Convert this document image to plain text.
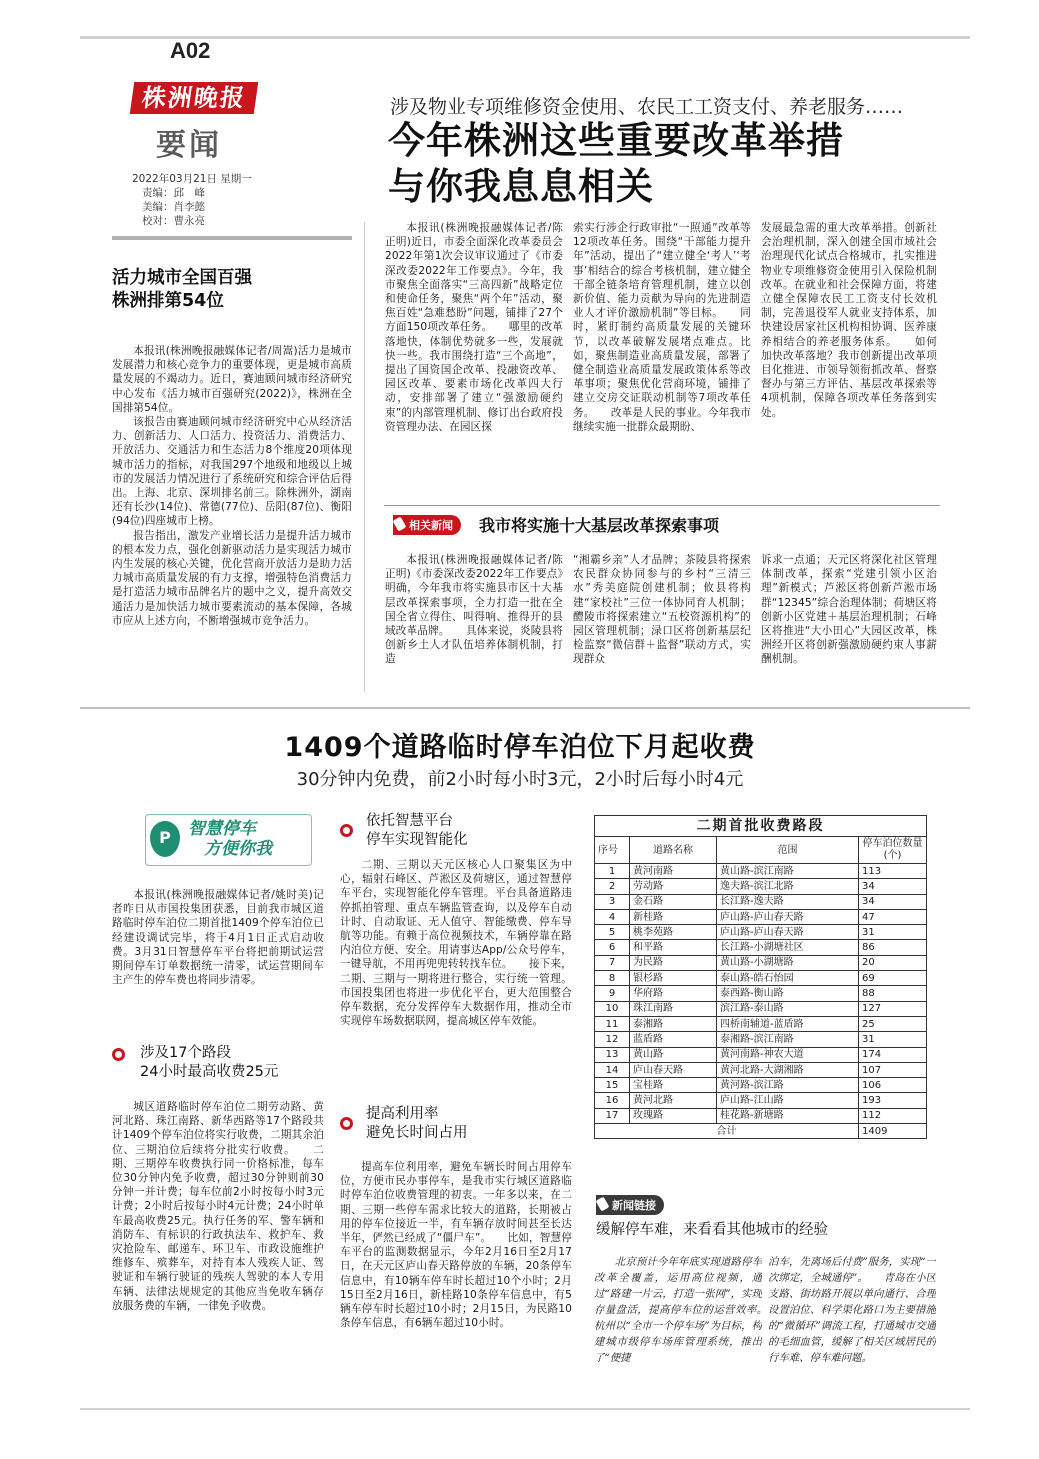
A02
株洲晚报
要闻
2022年03月21日 星期一
责编：邱　峰
美编：肖李懿
校对：曹永亮
涉及物业专项维修资金使用、农民工工资支付、养老服务……
今年株洲这些重要改革举措
与你我息息相关

本报讯(株洲晚报融媒体记者/陈正明)近日，市委全面深化改革委员会2022年第1次会议审议通过了《市委深改委2022年工作要点》。今年，我市聚焦全面落实“三高四新”战略定位和使命任务，聚焦“两个年”活动，聚焦百姓“急难愁盼”问题，铺排了27个方面150项改革任务。　　哪里的改革落地快，体制优势就多一些，发展就快一些。我市围绕打造“三个高地”，提出了国资国企改革、投融资改革、园区改革、要素市场化改革四大行动，安排部署了建立“强激励硬约束”的内部管理机制、修订出台政府投资管理办法、在园区探

索实行涉企行政审批“一照通”改革等12项改革任务。围绕“干部能力提升年”活动，提出了“建立健全‘考人’‘考事’相结合的综合考核机制，建立健全干部全链条培育管理机制，建立以创新价值、能力贡献为导向的先进制造业人才评价激励机制”等目标。　　同时，紧盯制约高质量发展的关键环节，以改革破解发展堵点难点。比如，聚焦制造业高质量发展，部署了健全制造业高质量发展政策体系等改革事项；聚焦优化营商环境，铺排了建立交房交证联动机制等7项改革任务。　　改革是人民的事业。今年我市继续实施一批群众最期盼、

发展最急需的重大改革举措。创新社会治理机制，深入创建全国市域社会治理现代化试点合格城市，扎实推进物业专项维修资金使用引入保险机制改革。在就业和社会保障方面，将建立健全保障农民工工资支付长效机制，完善退役军人就业支持体系，加快建设居家社区机构相协调、医养康养相结合的养老服务体系。　　如何加快改革落地？我市创新提出改革项目化推进、市领导领衔抓改革、督察督办与第三方评估、基层改革探索等4项机制，保障各项改革任务落到实处。

相关新闻	我市将实施十大基层改革探索事项

本报讯(株洲晚报融媒体记者/陈正明)《市委深改委2022年工作要点》明确，今年我市将实施县市区十大基层改革探索事项，全力打造一批在全国全省立得住、叫得响、推得开的县域改革品牌。　　具体来说，炎陵县将创新乡土人才队伍培养体制机制，打造

“湘霸乡亲”人才品牌；茶陵县将探索农民群众协同参与的乡村“三清三水”秀美庭院创建机制；攸县将构建“家校社”三位一体协同育人机制；醴陵市将探索建立“五校资源机构”的园区管理机制；渌口区将创新基层纪检监察“微信群＋监督”联动方式，实现群众

诉求一点通；天元区将深化社区管理体制改革，探索“党建引领小区治理”新模式；芦淞区将创新芦淞市场群“12345”综合治理体制；荷塘区将创新小区党建＋基层治理机制；石峰区将推进“大小田心”大园区改革，株洲经开区将创新强激励硬约束人事薪酬机制。

活力城市全国百强
株洲排第54位

本报讯(株洲晚报融媒体记者/周嵩)活力是城市发展潜力和核心竞争力的重要体现，更是城市高质量发展的不竭动力。近日，赛迪顾问城市经济研究中心发布《活力城市百强研究(2022)》，株洲在全国排第54位。

该报告由赛迪顾问城市经济研究中心从经济活力、创新活力、人口活力、投资活力、消费活力、开放活力、交通活力和生态活力8个维度20项体现城市活力的指标，对我国297个地级和地级以上城市的发展活力情况进行了系统研究和综合评估后得出。上海、北京、深圳排名前三。除株洲外，湖南还有长沙(14位)、常德(77位)、岳阳(87位)、衡阳(94位)四座城市上榜。

报告指出，激发产业增长活力是提升活力城市的根本发力点，强化创新驱动活力是实现活力城市内生发展的核心关键，优化营商开放活力是助力活力城市高质量发展的有力支撑，增强特色消费活力是打造活力城市品牌名片的题中之义，提升高效交通活力是加快活力城市要素流动的基本保障，各城市应从上述方向，不断增强城市竞争活力。

1409个道路临时停车泊位下月起收费
30分钟内免费，前2小时每小时3元，2小时后每小时4元
P	智慧停车
方便你我

本报讯(株洲晚报融媒体记者/姚时美)记者昨日从市国投集团获悉，目前我市城区道路临时停车泊位二期首批1409个停车泊位已经建设调试完毕，将于4月1日正式启动收费。3月31日智慧停车平台将把前期试运营期间停车订单数据统一清零，试运营期间车主产生的停车费也将同步清零。

涉及17个路段
24小时最高收费25元

城区道路临时停车泊位二期劳动路、黄河北路、珠江南路、新华西路等17个路段共计1409个停车泊位将实行收费，二期其余泊位、三期泊位后续将分批实行收费。　　二期、三期停车收费执行同一价格标准，每车位30分钟内免予收费，超过30分钟则前30分钟一并计费；每车位前2小时按每小时3元计费；2小时后按每小时4元计费；24小时单车最高收费25元。执行任务的军、警车辆和消防车、有标识的行政执法车、救护车、救灾抢险车、邮递车、环卫车、市政设施维护维修车、殡葬车，对持有本人残疾人证、驾驶证和车辆行驶证的残疾人驾驶的本人专用车辆、法律法规规定的其他应当免收车辆存放服务费的车辆，一律免予收费。

依托智慧平台
停车实现智能化

二期、三期以天元区核心人口聚集区为中心，辐射石峰区、芦淞区及荷塘区，通过智慧停车平台，实现智能化停车管理。平台具备道路违停抓拍管理、重点车辆监管查询，以及停车自动计时、自动取证、无人值守、智能缴费、停车导航等功能。有赖于高位视频技术，车辆停靠在路内泊位方便、安全。用请事达App/公众号停车，一键导航，不用再兜兜转转找车位。　　接下来，二期、三期与一期将进行整合，实行统一管理。市国投集团也将进一步优化平台，更大范围整合停车数据，充分发挥停车大数据作用，推动全市实现停车场数据联网，提高城区停车效能。

提高利用率
避免长时间占用

提高车位利用率，避免车辆长时间占用停车位，方便市民办事停车，是我市实行城区道路临时停车泊位收费管理的初衷。一年多以来，在二期、三期一些停车需求比较大的道路，长期被占用的停车位接近一半，有车辆存放时间甚至长达半年，俨然已经成了“僵尸车”。　　比如，智慧停车平台的监测数据显示，今年2月16日至2月17日，在天元区庐山春天路停放的车辆，20条停车信息中，有10辆车停车时长超过10个小时；2月15日至2月16日，新桂路10条停车信息中，有5辆车停车时长超过10小时；2月15日，为民路10条停车信息，有6辆车超过10小时。

二期首批收费路段			
序号	道路名称	范围	停车泊位数量(个)
1	黄河南路	黄山路-滨江南路	113
2	劳动路	逸夫路-滨江北路	34
3	金石路	长江路-逸夫路	34
4	新桂路	庐山路-庐山春天路	47
5	桃李苑路	庐山路-庐山春天路	31
6	和平路	长江路-小湖塘社区	86
7	为民路	黄山路-小湖塘路	20
8	银杉路	泰山路-皓石怡园	69
9	华府路	泰西路-衡山路	88
10	珠江南路	滨江路-泰山路	127
11	泰湘路	四桥南辅道-蓝盾路	25
12	蓝盾路	泰湘路-滨江南路	31
13	黄山路	黄河南路-神农大道	174
14	庐山春天路	黄河北路-大湖湘路	107
15	宝桂路	黄河路-滨江路	106
16	黄河北路	庐山路-江山路	193
17	玫瑰路	桂花路-新塘路	112
合计			1409
新闻链接
缓解停车难，来看看其他城市的经验

北京预计今年年底实现道路停车改革全覆盖，运用高位视频，通过“路建一片云，打造一张网”，实现存量盘活，提高停车位的运营效率。　　杭州以“全市一个停车场”为目标，构建城市级停车场库管理系统，推出了“便捷

泊车，先离场后付费”服务，实现“一次绑定，全城通停”。　　青岛在小区支路、街坊路开展以单向通行、合理设置泊位、科学渠化路口为主要措施的“微循环”调流工程，打通城市交通的毛细血管，缓解了相关区域居民的行车难、停车难问题。
